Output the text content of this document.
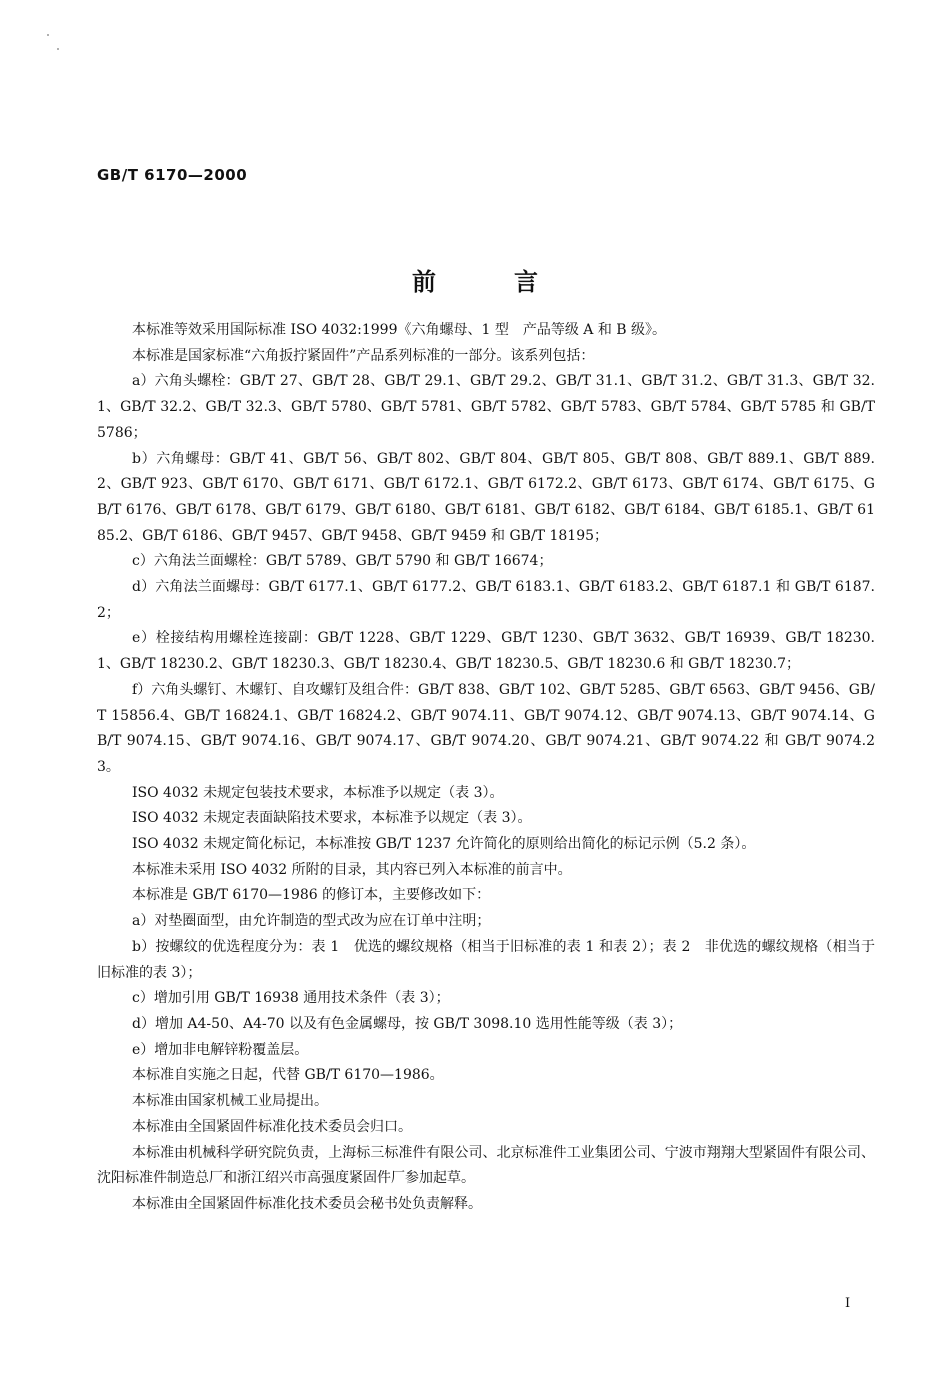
GB/T 6170—2000
前言

本标准等效采用国际标准 ISO 4032:1999《六角螺母、1 型　产品等级 A 和 B 级》。

本标准是国家标准“六角扳拧紧固件”产品系列标准的一部分。该系列包括：

a）六角头螺栓：GB/T 27、GB/T 28、GB/T 29.1、GB/T 29.2、GB/T 31.1、GB/T 31.2、GB/T 31.3、GB/T 32.1、GB/T 32.2、GB/T 32.3、GB/T 5780、GB/T 5781、GB/T 5782、GB/T 5783、GB/T 5784、GB/T 5785 和 GB/T 5786；

b）六角螺母：GB/T 41、GB/T 56、GB/T 802、GB/T 804、GB/T 805、GB/T 808、GB/T 889.1、GB/T 889.2、GB/T 923、GB/T 6170、GB/T 6171、GB/T 6172.1、GB/T 6172.2、GB/T 6173、GB/T 6174、GB/T 6175、GB/T 6176、GB/T 6178、GB/T 6179、GB/T 6180、GB/T 6181、GB/T 6182、GB/T 6184、GB/T 6185.1、GB/T 6185.2、GB/T 6186、GB/T 9457、GB/T 9458、GB/T 9459 和 GB/T 18195；

c）六角法兰面螺栓：GB/T 5789、GB/T 5790 和 GB/T 16674；

d）六角法兰面螺母：GB/T 6177.1、GB/T 6177.2、GB/T 6183.1、GB/T 6183.2、GB/T 6187.1 和 GB/T 6187.2；

e）栓接结构用螺栓连接副：GB/T 1228、GB/T 1229、GB/T 1230、GB/T 3632、GB/T 16939、GB/T 18230.1、GB/T 18230.2、GB/T 18230.3、GB/T 18230.4、GB/T 18230.5、GB/T 18230.6 和 GB/T 18230.7；

f）六角头螺钉、木螺钉、自攻螺钉及组合件：GB/T 838、GB/T 102、GB/T 5285、GB/T 6563、GB/T 9456、GB/T 15856.4、GB/T 16824.1、GB/T 16824.2、GB/T 9074.11、GB/T 9074.12、GB/T 9074.13、GB/T 9074.14、GB/T 9074.15、GB/T 9074.16、GB/T 9074.17、GB/T 9074.20、GB/T 9074.21、GB/T 9074.22 和 GB/T 9074.23。

ISO 4032 未规定包装技术要求，本标准予以规定（表 3）。

ISO 4032 未规定表面缺陷技术要求，本标准予以规定（表 3）。

ISO 4032 未规定简化标记，本标准按 GB/T 1237 允许简化的原则给出简化的标记示例（5.2 条）。

本标准未采用 ISO 4032 所附的目录，其内容已列入本标准的前言中。

本标准是 GB/T 6170—1986 的修订本，主要修改如下：

a）对垫圈面型，由允许制造的型式改为应在订单中注明；

b）按螺纹的优选程度分为：表 1　优选的螺纹规格（相当于旧标准的表 1 和表 2）；表 2　非优选的螺纹规格（相当于旧标准的表 3）；

c）增加引用 GB/T 16938 通用技术条件（表 3）；

d）增加 A4-50、A4-70 以及有色金属螺母，按 GB/T 3098.10 选用性能等级（表 3）；

e）增加非电解锌粉覆盖层。

本标准自实施之日起，代替 GB/T 6170—1986。

本标准由国家机械工业局提出。

本标准由全国紧固件标准化技术委员会归口。

本标准由机械科学研究院负责，上海标三标准件有限公司、北京标准件工业集团公司、宁波市翔翔大型紧固件有限公司、沈阳标准件制造总厂和浙江绍兴市高强度紧固件厂参加起草。

本标准由全国紧固件标准化技术委员会秘书处负责解释。

I
